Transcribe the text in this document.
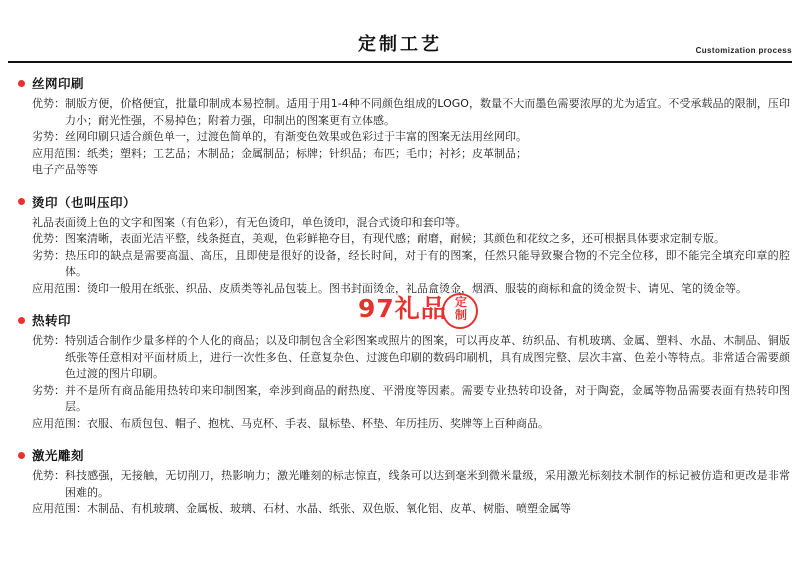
定制工艺	Customization process
丝网印刷
优势： 制版方便，价格便宜，批量印制成本易控制。适用于用1-4种不同颜色组成的LOGO，数量不大而墨色需要浓厚的尤为适宜。不受承载品的限制，压印力小；耐光性强，不易掉色；附着力强，印制出的图案更有立体感。
劣势： 丝网印刷只适合颜色单一，过渡色简单的，有渐变色效果或色彩过于丰富的图案无法用丝网印。
应用范围： 纸类；塑料；工艺品；木制品；金属制品；标牌；针织品；布匹；毛巾；衬衫；皮革制品；
电子产品等等
烫印（也叫压印）
礼品表面烫上色的文字和图案（有色彩），有无色烫印，单色烫印，混合式烫印和套印等。
优势： 图案清晰，表面光洁平整，线条挺直，美观，色彩鲜艳夺目，有现代感；耐磨，耐候；其颜色和花纹之多，还可根据具体要求定制专版。
劣势： 热压印的缺点是需要高温、高压，且即使是很好的设备，经长时间，对于有的图案，任然只能导致聚合物的不完全位移，即不能完全填充印章的腔体。
应用范围： 烫印一般用在纸张、织品、皮质类等礼品包装上。图书封面烫金，礼品盒烫金，烟酒、服装的商标和盒的烫金贺卡、请见、笔的烫金等。
热转印
优势： 特别适合制作少量多样的个人化的商品；以及印制包含全彩图案或照片的图案，可以再皮革、纺织品、有机玻璃、金属、塑料、水晶、木制品、铜版纸张等任意相对平面材质上，进行一次性多色、任意复杂色、过渡色印刷的数码印刷机，具有成图完整、层次丰富、色差小等特点。非常适合需要颜色过渡的图片印刷。
劣势： 并不是所有商品能用热转印来印制图案，牵涉到商品的耐热度、平滑度等因素。需要专业热转印设备，对于陶瓷，金属等物品需要表面有热转印图层。
应用范围： 衣服、布质包包、帽子、抱枕、马克杯、手表、鼠标垫、杯垫、年历挂历、奖牌等上百种商品。
激光雕刻
优势： 科技感强，无接触，无切削刀，热影响力；激光雕刻的标志惊直，线条可以达到毫米到微米量级，采用激光标刻技术制作的标记被仿造和更改是非常困难的。
应用范围： 木制品、有机玻璃、金属板、玻璃、石材、水晶、纸张、双色版、氧化铝、皮革、树脂、喷塑金属等
97礼品 定制
